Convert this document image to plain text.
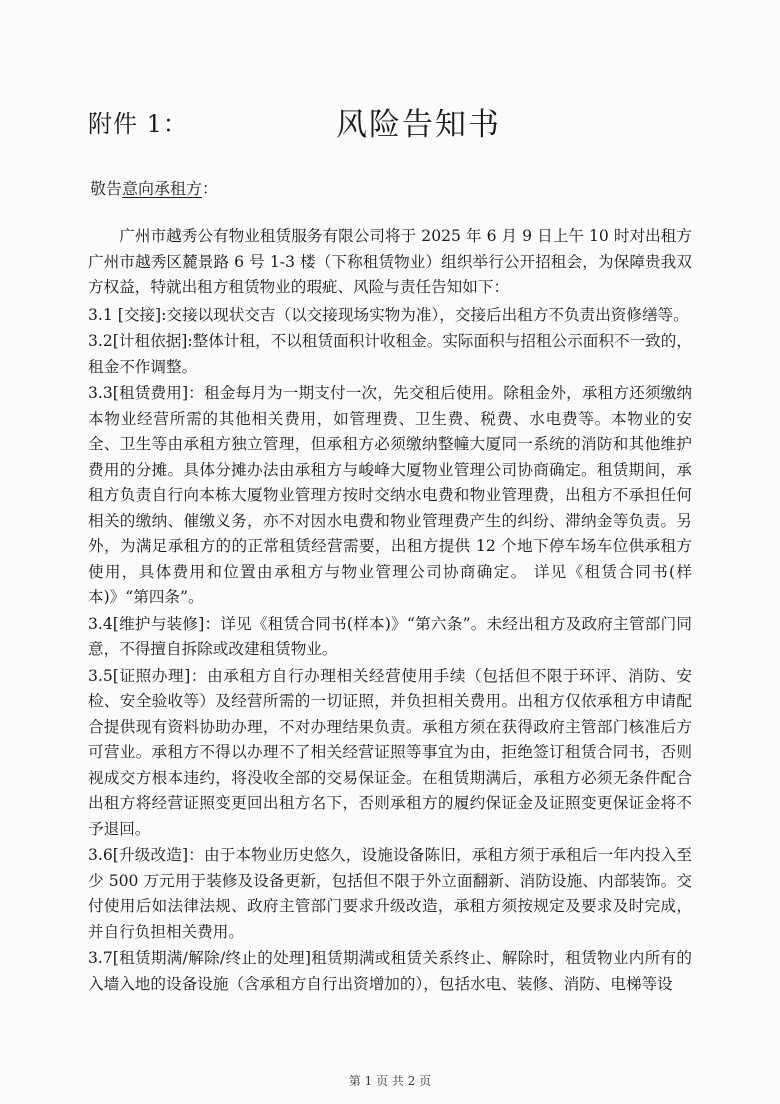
附件 1：	风险告知书
敬告意向承租方：

广州市越秀公有物业租赁服务有限公司将于 2025 年 6 月 9 日上午 10 时对出租方广州市越秀区麓景路 6 号 1-3 楼（下称租赁物业）组织举行公开招租会，为保障贵我双方权益，特就出租方租赁物业的瑕疵、风险与责任告知如下：

3.1 [交接]:交接以现状交吉（以交接现场实物为准），交接后出租方不负责出资修缮等。

3.2[计租依据]:整体计租，不以租赁面积计收租金。实际面积与招租公示面积不一致的，租金不作调整。

3.3[租赁费用]：租金每月为一期支付一次，先交租后使用。除租金外，承租方还须缴纳本物业经营所需的其他相关费用，如管理费、卫生费、税费、水电费等。本物业的安全、卫生等由承租方独立管理，但承租方必须缴纳整幢大厦同一系统的消防和其他维护费用的分摊。具体分摊办法由承租方与峻峰大厦物业管理公司协商确定。租赁期间，承租方负责自行向本栋大厦物业管理方按时交纳水电费和物业管理费，出租方不承担任何相关的缴纳、催缴义务，亦不对因水电费和物业管理费产生的纠纷、滞纳金等负责。另外，为满足承租方的的正常租赁经营需要，出租方提供 12 个地下停车场车位供承租方使用，具体费用和位置由承租方与物业管理公司协商确定。 详见《租赁合同书(样本)》“第四条”。

3.4[维护与装修]：详见《租赁合同书(样本)》“第六条”。未经出租方及政府主管部门同意，不得擅自拆除或改建租赁物业。

3.5[证照办理]：由承租方自行办理相关经营使用手续（包括但不限于环评、消防、安检、安全验收等）及经营所需的一切证照，并负担相关费用。出租方仅依承租方申请配合提供现有资料协助办理，不对办理结果负责。承租方须在获得政府主管部门核准后方可营业。承租方不得以办理不了相关经营证照等事宜为由，拒绝签订租赁合同书，否则视成交方根本违约，将没收全部的交易保证金。在租赁期满后，承租方必须无条件配合出租方将经营证照变更回出租方名下，否则承租方的履约保证金及证照变更保证金将不予退回。

3.6[升级改造]：由于本物业历史悠久，设施设备陈旧，承租方须于承租后一年内投入至少 500 万元用于装修及设备更新，包括但不限于外立面翻新、消防设施、内部装饰。交付使用后如法律法规、政府主管部门要求升级改造，承租方须按规定及要求及时完成，并自行负担相关费用。

3.7[租赁期满/解除/终止的处理]租赁期满或租赁关系终止、解除时，租赁物业内所有的入墙入地的设备设施（含承租方自行出资增加的），包括水电、装修、消防、电梯等设

第 1 页 共 2 页
